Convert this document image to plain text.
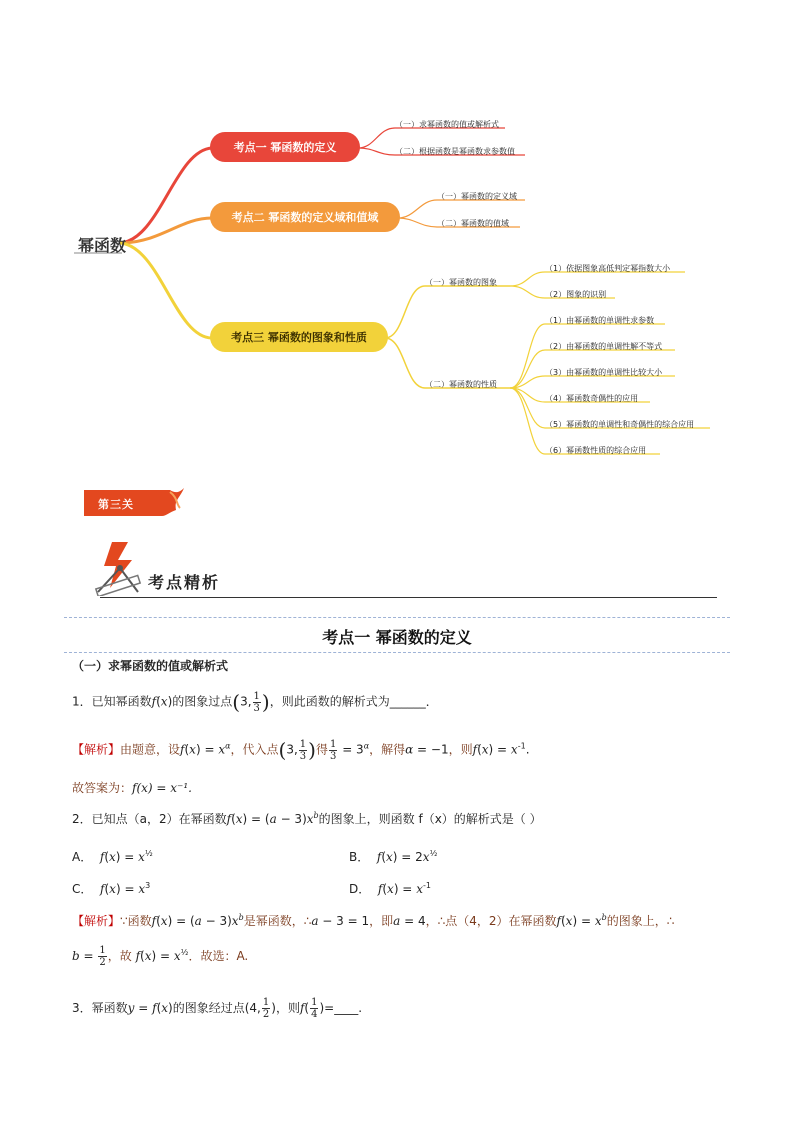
幂函数
考点一 幂函数的定义
考点二 幂函数的定义域和值域
考点三 幂函数的图象和性质
（一）求幂函数的值或解析式
（二）根据函数是幂函数求参数值
（一）幂函数的定义域
（二）幂函数的值域
（一）幂函数的图象
（二）幂函数的性质
（1）依据图象高低判定幂指数大小
（2）图象的识别
（1）由幂函数的单调性求参数
（2）由幂函数的单调性解不等式
（3）由幂函数的单调性比较大小
（4）幂函数奇偶性的应用
（5）幂函数的单调性和奇偶性的综合应用
（6）幂函数性质的综合应用
第三关
考点精析
考点一 幂函数的定义
（一）求幂函数的值或解析式
1．已知幂函数f(x)的图象过点(3, $\frac{1}{3}$ )，则此函数的解析式为______．
【解析】由题意，设$f(x) = x^\alpha$，代入点(3, $\frac{1}{3}$ )得 $\frac{1}{3} = 3^\alpha$，解得α = −1，则$f(x) = x^{-1}$.
故答案为：f(x) = x⁻¹.
2．已知点（a，2）在幂函数$f(x) = (a - 3)x^b$的图象上，则函数 f（x）的解析式是（ ）
A． $f(x) = x^{\frac{1}{2}}$	B． $f(x) = 2x^{\frac{1}{2}}$
C． $f(x) = x^3$	D． $f(x) = x^{-1}$
【解析】∵函数$f(x) = (a - 3)x^b$是幂函数，∴a − 3 = 1，即a = 4，∴点（4，2）在幂函数$f(x) = x^b$的图象上，∴
$b = \frac{1}{2}$ ，故 $f(x) = x^{\frac{1}{2}}$．故选：A.
3．幂函数y = f(x)的图象经过点(4, $\frac{1}{2}$ )，则$f( \frac{1}{4}$ )=____.
